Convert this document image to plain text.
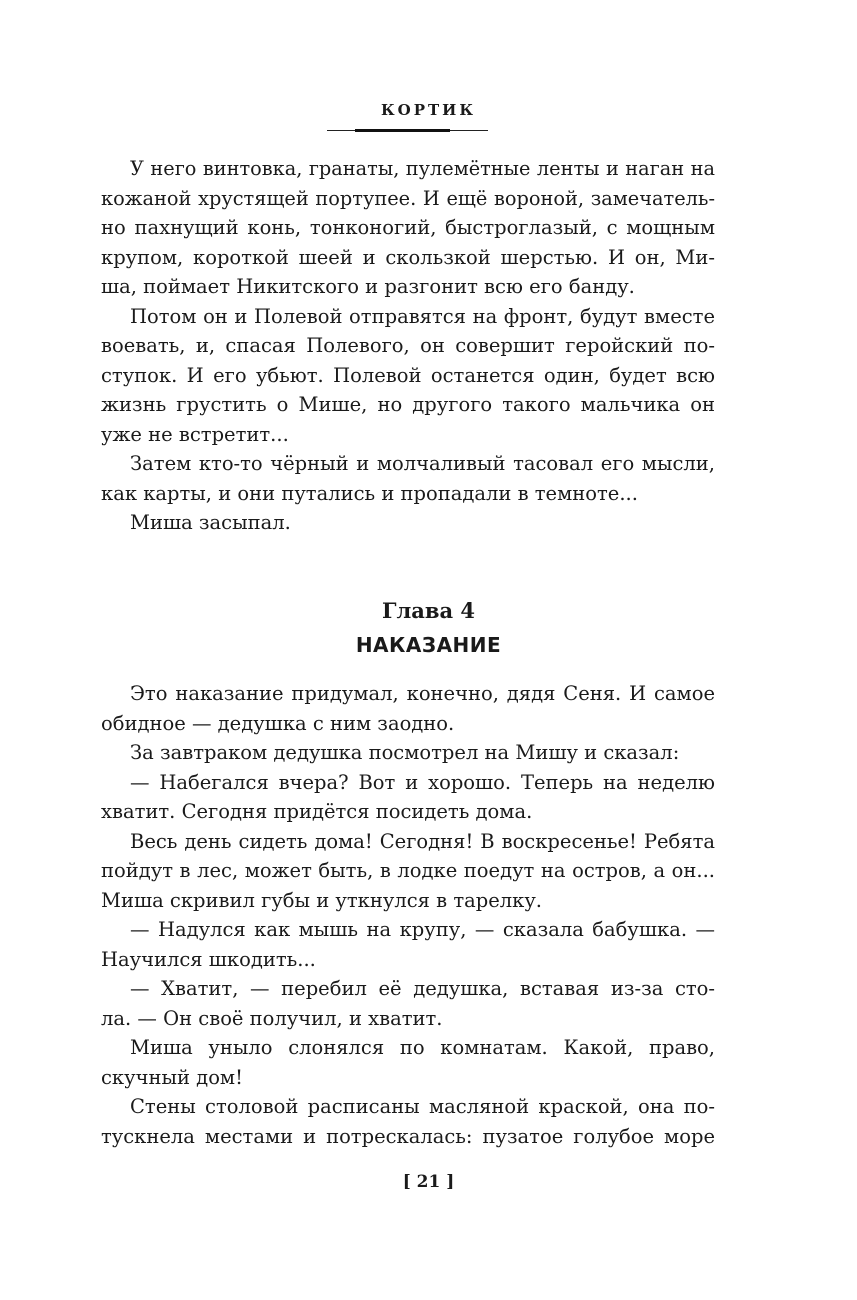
КОРТИК
У него винтовка, гранаты, пулемётные ленты и наган на
кожаной хрустящей портупее. И ещё вороной, замечатель-
но пахнущий конь, тонконогий, быстроглазый, с мощным
крупом, короткой шеей и скользкой шерстью. И он, Ми-
ша, поймает Никитского и разгонит всю его банду.
Потом он и Полевой отправятся на фронт, будут вместе
воевать, и, спасая Полевого, он совершит геройский по-
ступок. И его убьют. Полевой останется один, будет всю
жизнь грустить о Мише, но другого такого мальчика он
уже не встретит...
Затем кто-то чёрный и молчаливый тасовал его мысли,
как карты, и они путались и пропадали в темноте...
Миша засыпал.
Глава 4
НАКАЗАНИЕ
Это наказание придумал, конечно, дядя Сеня. И самое
обидное — дедушка с ним заодно.
За завтраком дедушка посмотрел на Мишу и сказал:
— Набегался вчера? Вот и хорошо. Теперь на неделю
хватит. Сегодня придётся посидеть дома.
Весь день сидеть дома! Сегодня! В воскресенье! Ребята
пойдут в лес, может быть, в лодке поедут на остров, а он...
Миша скривил губы и уткнулся в тарелку.
— Надулся как мышь на крупу, — сказала бабушка. —
Научился шкодить...
— Хватит, — перебил её дедушка, вставая из-за сто-
ла. — Он своё получил, и хватит.
Миша уныло слонялся по комнатам. Какой, право,
скучный дом!
Стены столовой расписаны масляной краской, она по-
тускнела местами и потрескалась: пузатое голубое море
[ 21 ]
